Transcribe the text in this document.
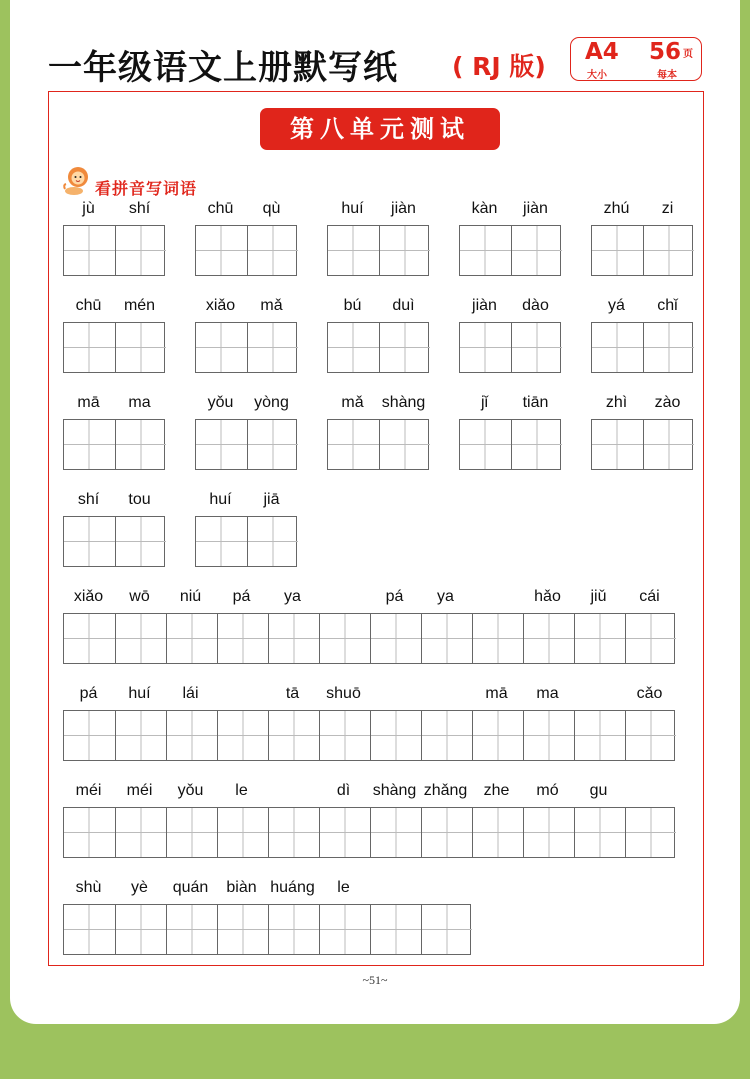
一年级语文上册默写纸 ( RJ 版) A4
大小
56 页
每本
第八单元测试
看拼音写词语
jù	shí	chū	qù	huí	jiàn	kàn	jiàn	zhú	zi
chū	mén	xiǎo	mǎ	bú	duì	jiàn	dào	yá	chǐ
mā	ma	yǒu	yòng	mǎ	shàng	jǐ	tiān	zhì	zào
shí	tou	huí	jiā
xiǎo	wō	niú	pá	ya	pá	ya	hǎo	jiǔ	cái
pá	huí	lái	tā	shuō	mā	ma	cǎo
méi	méi	yǒu	le	dì	shàng zhǎng	zhe	mó	gu
shù	yè	quán	biàn huáng	le
~51~
